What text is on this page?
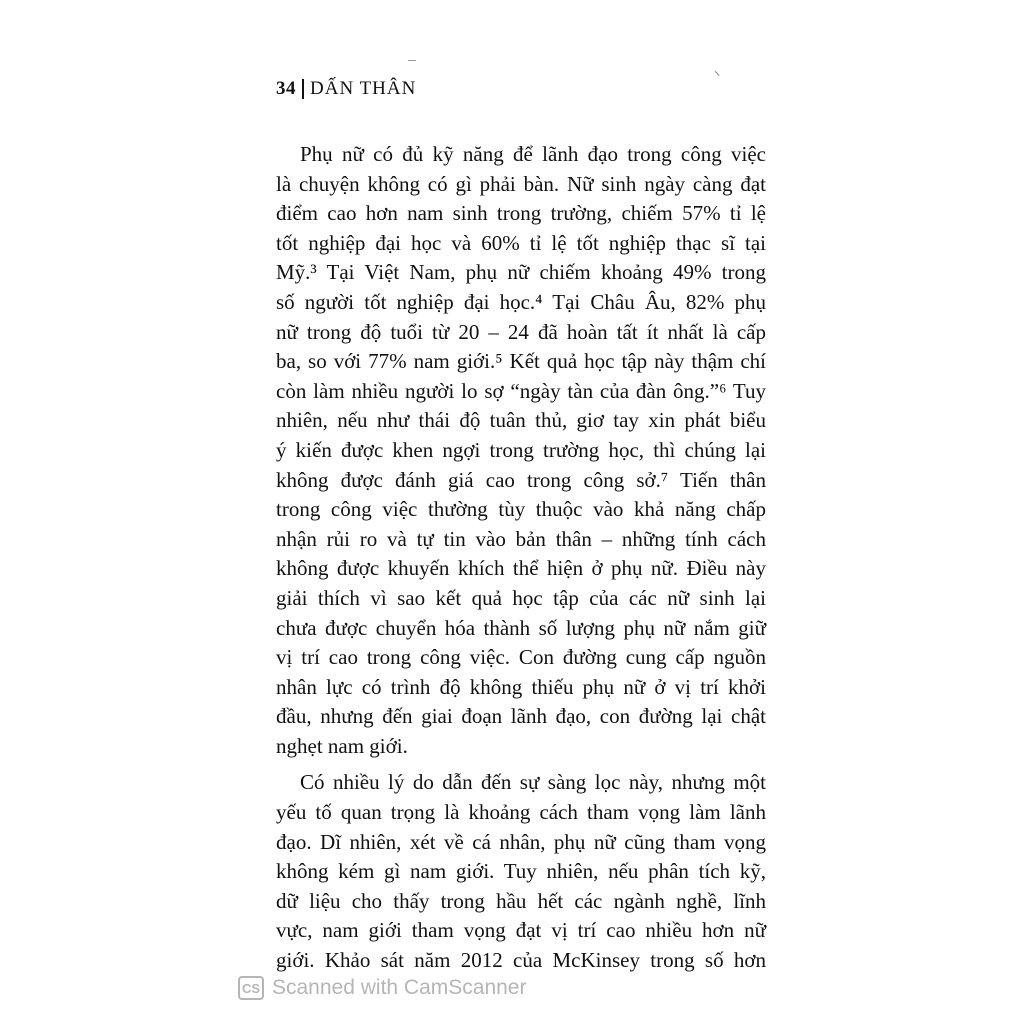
34 DẤN THÂN
Phụ nữ có đủ kỹ năng để lãnh đạo trong công việc
là chuyện không có gì phải bàn. Nữ sinh ngày càng đạt
điểm cao hơn nam sinh trong trường, chiếm 57% tỉ lệ
tốt nghiệp đại học và 60% tỉ lệ tốt nghiệp thạc sĩ tại
Mỹ.³ Tại Việt Nam, phụ nữ chiếm khoảng 49% trong
số người tốt nghiệp đại học.⁴ Tại Châu Âu, 82% phụ
nữ trong độ tuổi từ 20 – 24 đã hoàn tất ít nhất là cấp
ba, so với 77% nam giới.⁵ Kết quả học tập này thậm chí
còn làm nhiều người lo sợ “ngày tàn của đàn ông.”⁶ Tuy
nhiên, nếu như thái độ tuân thủ, giơ tay xin phát biểu
ý kiến được khen ngợi trong trường học, thì chúng lại
không được đánh giá cao trong công sở.⁷ Tiến thân
trong công việc thường tùy thuộc vào khả năng chấp
nhận rủi ro và tự tin vào bản thân – những tính cách
không được khuyến khích thể hiện ở phụ nữ. Điều này
giải thích vì sao kết quả học tập của các nữ sinh lại
chưa được chuyển hóa thành số lượng phụ nữ nắm giữ
vị trí cao trong công việc. Con đường cung cấp nguồn
nhân lực có trình độ không thiếu phụ nữ ở vị trí khởi
đầu, nhưng đến giai đoạn lãnh đạo, con đường lại chật
nghẹt nam giới.
Có nhiều lý do dẫn đến sự sàng lọc này, nhưng một
yếu tố quan trọng là khoảng cách tham vọng làm lãnh
đạo. Dĩ nhiên, xét về cá nhân, phụ nữ cũng tham vọng
không kém gì nam giới. Tuy nhiên, nếu phân tích kỹ,
dữ liệu cho thấy trong hầu hết các ngành nghề, lĩnh
vực, nam giới tham vọng đạt vị trí cao nhiều hơn nữ
giới. Khảo sát năm 2012 của McKinsey trong số hơn
CS Scanned with CamScanner
